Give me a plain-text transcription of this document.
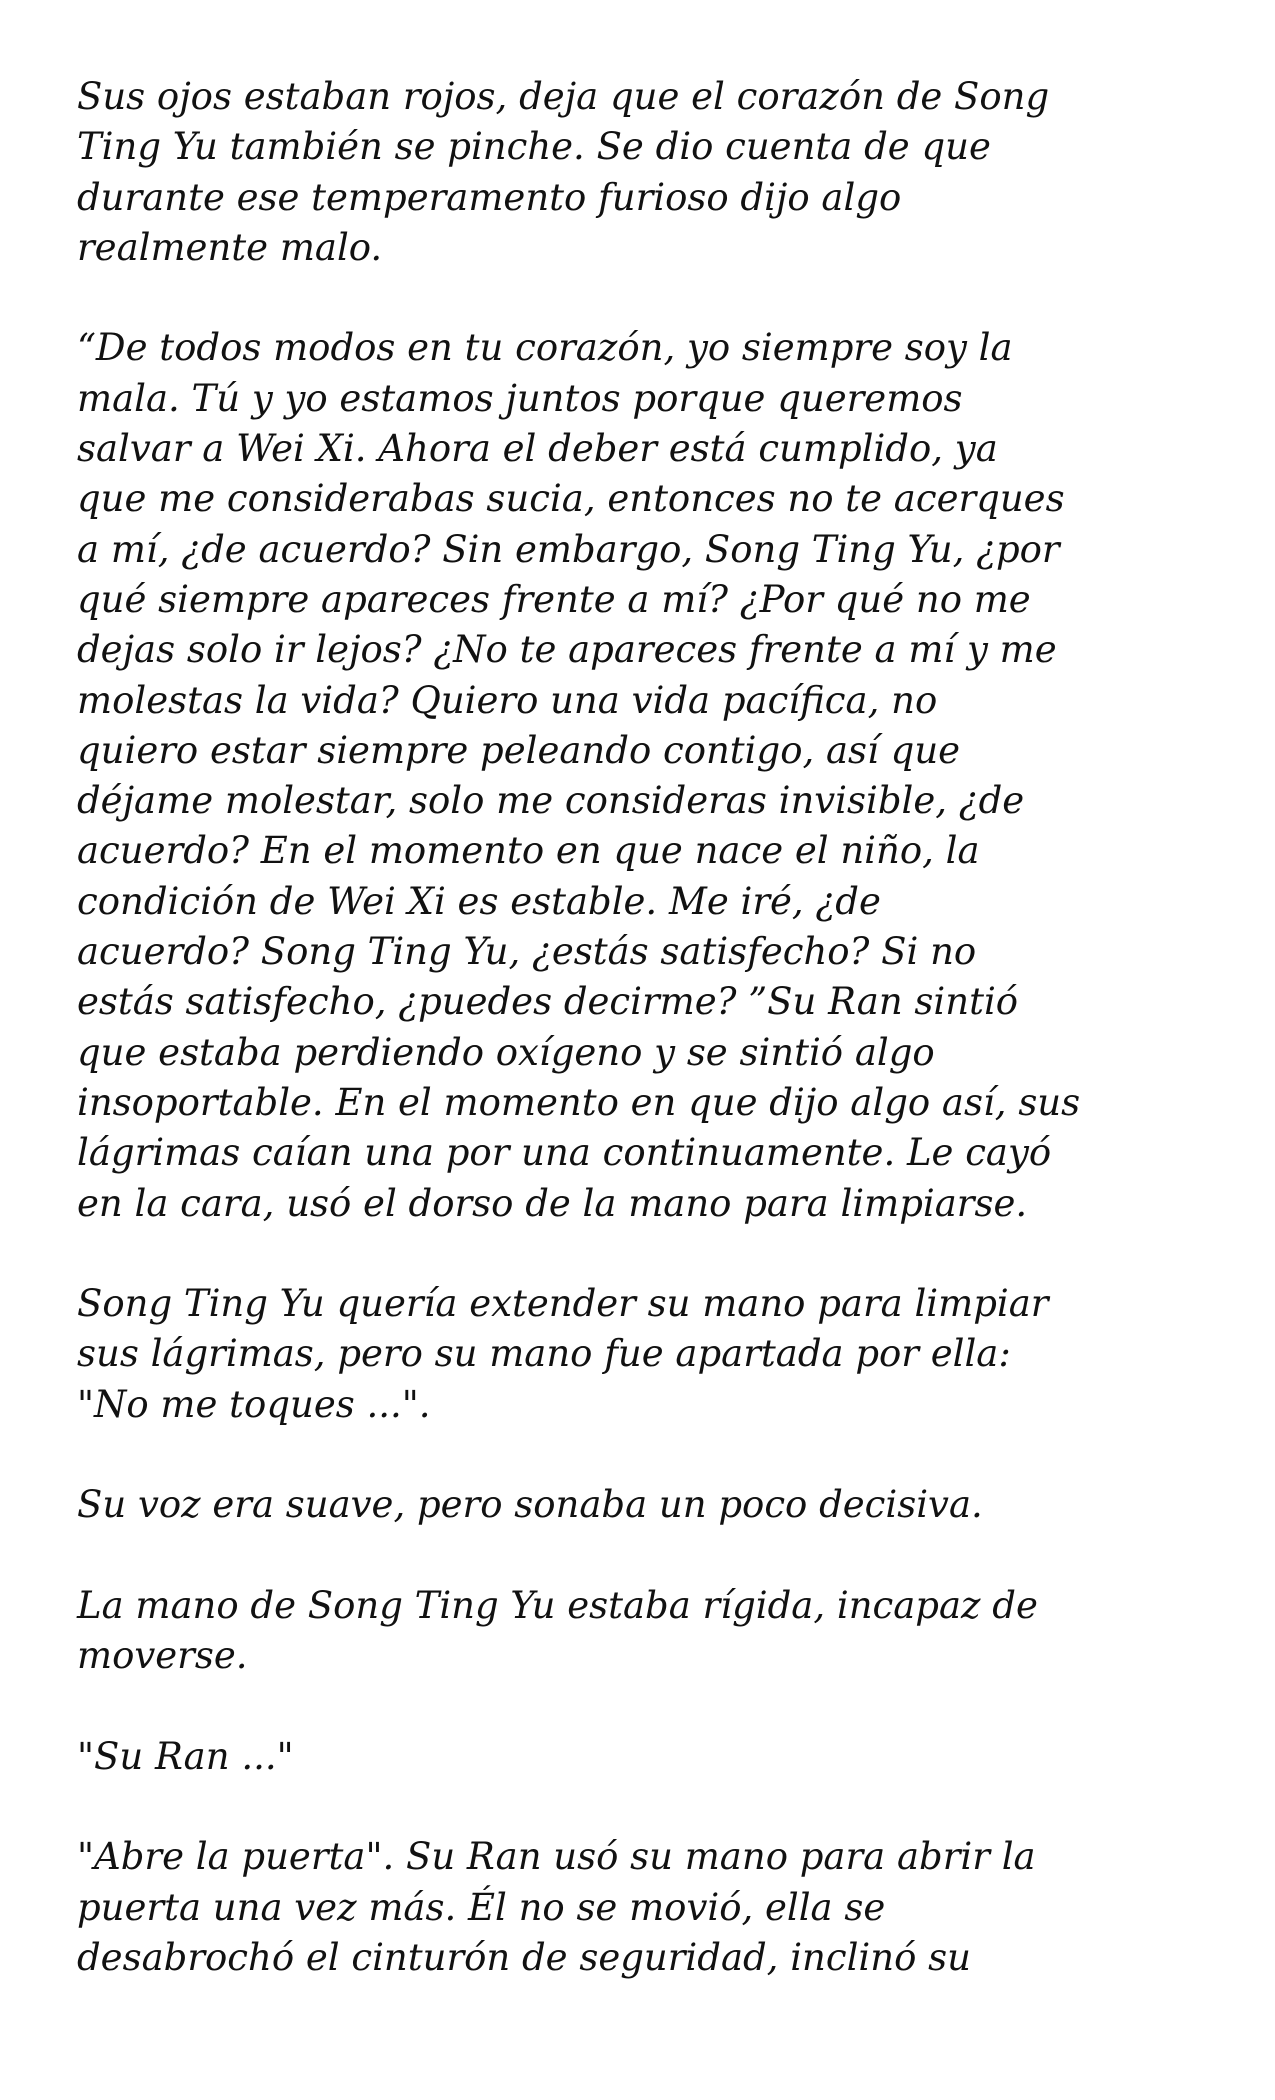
Sus ojos estaban rojos, deja que el corazón de Song
Ting Yu también se pinche. Se dio cuenta de que
durante ese temperamento furioso dijo algo
realmente malo.

“De todos modos en tu corazón, yo siempre soy la
mala. Tú y yo estamos juntos porque queremos
salvar a Wei Xi. Ahora el deber está cumplido, ya
que me considerabas sucia, entonces no te acerques
a mí, ¿de acuerdo? Sin embargo, Song Ting Yu, ¿por
qué siempre apareces frente a mí? ¿Por qué no me
dejas solo ir lejos? ¿No te apareces frente a mí y me
molestas la vida? Quiero una vida pacífica, no
quiero estar siempre peleando contigo, así que
déjame molestar, solo me consideras invisible, ¿de
acuerdo? En el momento en que nace el niño, la
condición de Wei Xi es estable. Me iré, ¿de
acuerdo? Song Ting Yu, ¿estás satisfecho? Si no
estás satisfecho, ¿puedes decirme? ”Su Ran sintió
que estaba perdiendo oxígeno y se sintió algo
insoportable. En el momento en que dijo algo así, sus
lágrimas caían una por una continuamente. Le cayó
en la cara, usó el dorso de la mano para limpiarse.

Song Ting Yu quería extender su mano para limpiar
sus lágrimas, pero su mano fue apartada por ella:
"No me toques ...".

Su voz era suave, pero sonaba un poco decisiva.

La mano de Song Ting Yu estaba rígida, incapaz de
moverse.

"Su Ran ..."

"Abre la puerta". Su Ran usó su mano para abrir la
puerta una vez más. Él no se movió, ella se
desabrochó el cinturón de seguridad, inclinó su
